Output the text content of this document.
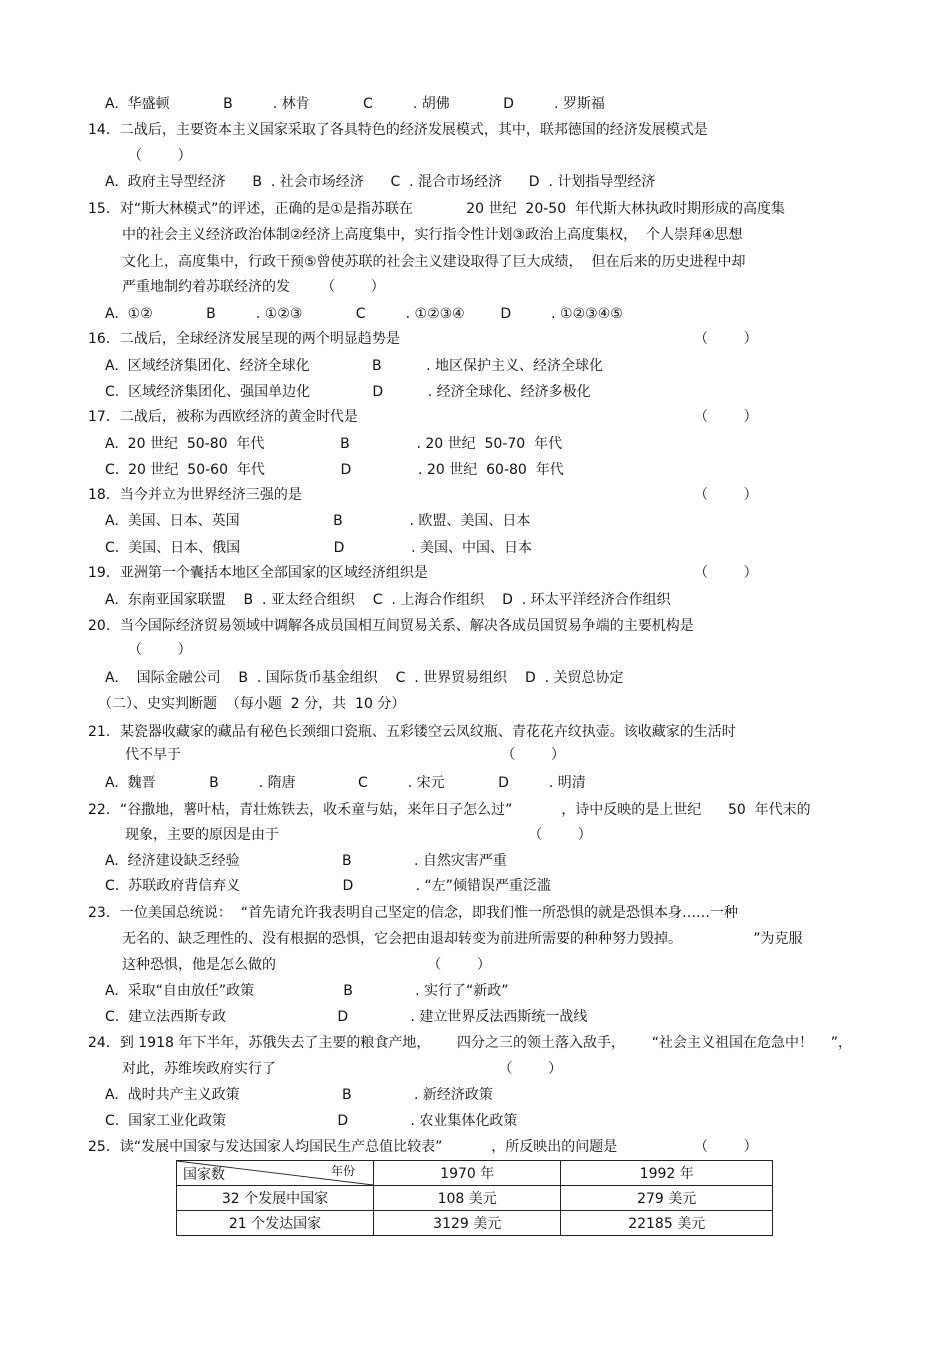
A.  华盛顿            B         . 林肯            C         . 胡佛            D         . 罗斯福
14．二战后，主要资本主义国家采取了各具特色的经济发展模式，其中，联邦德国的经济发展模式是
（        ）
A.  政府主导型经济      B  . 社会市场经济      C  . 混合市场经济      D  . 计划指导型经济
15．对“斯大林模式”的评述，正确的是①是指苏联在            20 世纪  20-50  年代斯大林执政时期形成的高度集
中的社会主义经济政治体制②经济上高度集中，实行指令性计划③政治上高度集权，  个人崇拜④思想
文化上，高度集中，行政干预⑤曾使苏联的社会主义建设取得了巨大成绩，  但在后来的历史进程中却
严重地制约着苏联经济的发       （        ）
A.  ①②            B         . ①②③            C         . ①②③④        D         . ①②③④⑤
16．二战后，全球经济发展呈现的两个明显趋势是	（        ）
A.  区域经济集团化、经济全球化              B          . 地区保护主义、经济全球化
C.  区域经济集团化、强国单边化              D          . 经济全球化、经济多极化
17．二战后，被称为西欧经济的黄金时代是	（        ）
A.  20 世纪  50-80  年代                 B               . 20 世纪  50-70  年代
C.  20 世纪  50-60  年代                 D               . 20 世纪  60-80  年代
18．当今并立为世界经济三强的是	（        ）
A.  美国、日本、英国                     B               . 欧盟、美国、日本
C.  美国、日本、俄国                     D               . 美国、中国、日本
19．亚洲第一个囊括本地区全部国家的区域经济组织是	（        ）
A.  东南亚国家联盟    B  . 亚太经合组织    C  . 上海合作组织    D  . 环太平洋经济合作组织
20．当今国际经济贸易领域中调解各成员国相互间贸易关系、解决各成员国贸易争端的主要机构是
（        ）
A.    国际金融公司    B  . 国际货币基金组织    C  . 世界贸易组织    D  . 关贸总协定
（二）、史实判断题  （每小题  2 分，共  10 分）
21．某瓷器收藏家的藏品有秘色长颈细口瓷瓶、五彩镂空云凤纹瓶、青花花卉纹执壶。该收藏家的生活时
代不早于                                                                        （        ）
A.  魏晋            B         . 隋唐              C         . 宋元            D         . 明清
22．“谷撒地，薯叶枯，青壮炼铁去，收禾童与姑，来年日子怎么过”           ，诗中反映的是上世纪      50  年代末的
现象，主要的原因是由于                                                        （        ）
A.  经济建设缺乏经验                       B              . 自然灾害严重
C.  苏联政府背信弃义                       D              . “左”倾错误严重泛滥
23．一位美国总统说：  “首先请允许我表明自己坚定的信念，即我们惟一所恐惧的就是恐惧本身……一种
无名的、缺乏理性的、没有根据的恐惧，它会把由退却转变为前进所需要的种种努力毁掉。                ”为克服
这种恐惧，他是怎么做的                                  （        ）
A.  采取“自由放任”政策                    B              . 实行了“新政”
C.  建立法西斯专政                         D              . 建立世界反法西斯统一战线
24．到 1918 年下半年，苏俄失去了主要的粮食产地，      四分之三的领土落入敌手，      “社会主义祖国在危急中！    ”，
对此，苏维埃政府实行了                                                  （        ）
A.  战时共产主义政策                       B              . 新经济政策
C.  国家工业化政策                         D              . 农业集体化政策
25．读“发展中国家与发达国家人均国民生产总值比较表”           ，所反映出的问题是	（        ）
国家数 年份	1970 年	1992 年
32 个发展中国家	108 美元	279 美元
21 个发达国家	3129 美元	22185 美元
